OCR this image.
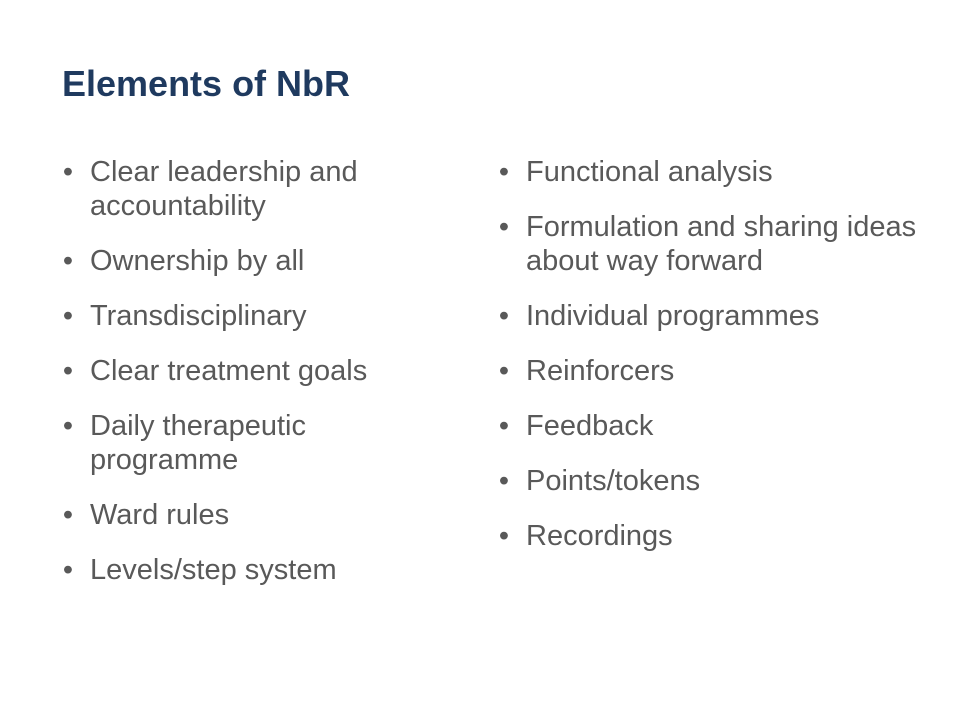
Elements of NbR
• Clear leadership and accountability
• Ownership by all
• Transdisciplinary
• Clear treatment goals
• Daily therapeutic programme
• Ward rules
• Levels/step system
• Functional analysis
• Formulation and sharing ideas about way forward
• Individual programmes
• Reinforcers
• Feedback
• Points/tokens
• Recordings
